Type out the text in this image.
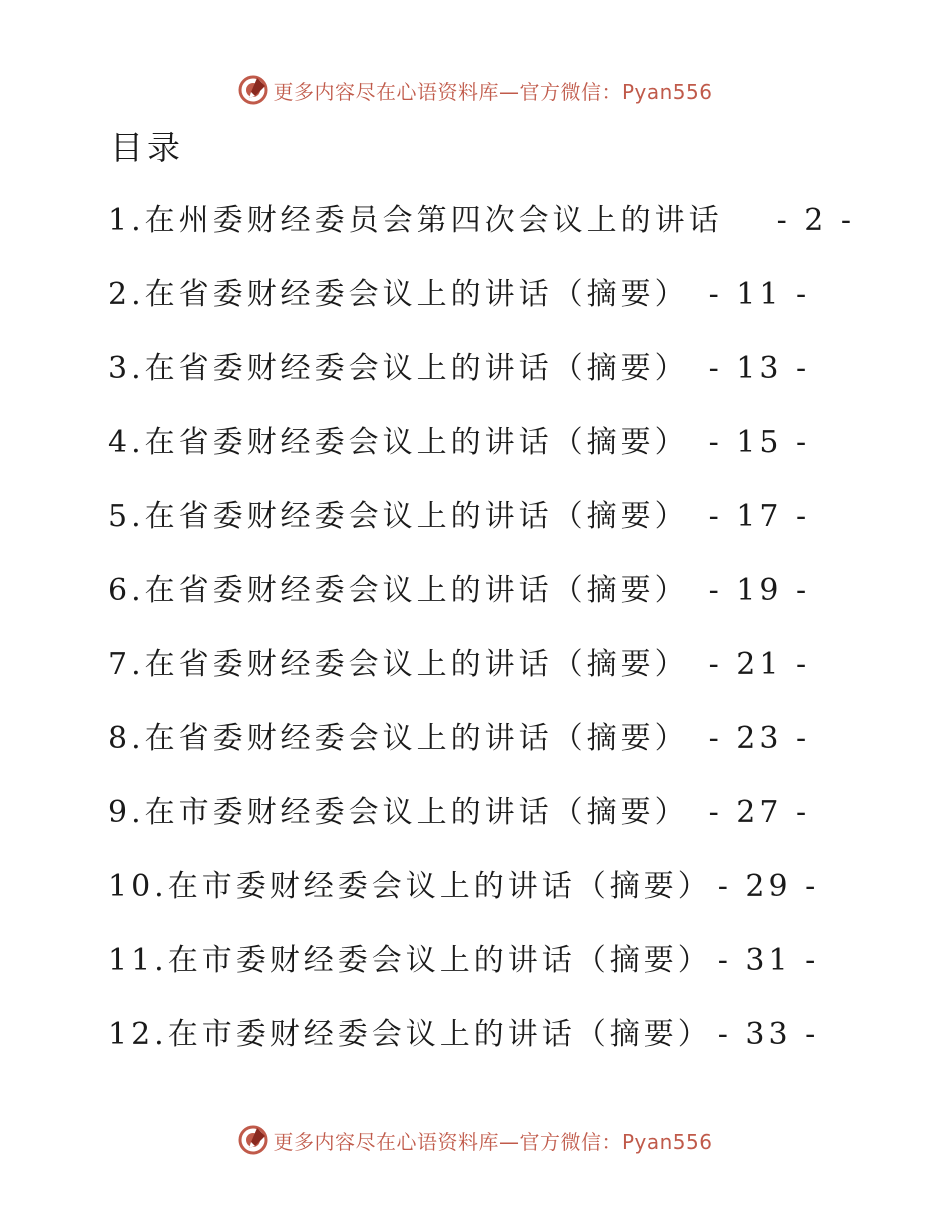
更多内容尽在心语资料库—官方微信：Pyan556
目录
1.在州委财经委员会第四次会议上的讲话 - 2 -
2.在省委财经委会议上的讲话（摘要） - 11 -
3.在省委财经委会议上的讲话（摘要） - 13 -
4.在省委财经委会议上的讲话（摘要） - 15 -
5.在省委财经委会议上的讲话（摘要） - 17 -
6.在省委财经委会议上的讲话（摘要） - 19 -
7.在省委财经委会议上的讲话（摘要） - 21 -
8.在省委财经委会议上的讲话（摘要） - 23 -
9.在市委财经委会议上的讲话（摘要） - 27 -
10.在市委财经委会议上的讲话（摘要） - 29 -
11.在市委财经委会议上的讲话（摘要） - 31 -
12.在市委财经委会议上的讲话（摘要） - 33 -
更多内容尽在心语资料库—官方微信：Pyan556
